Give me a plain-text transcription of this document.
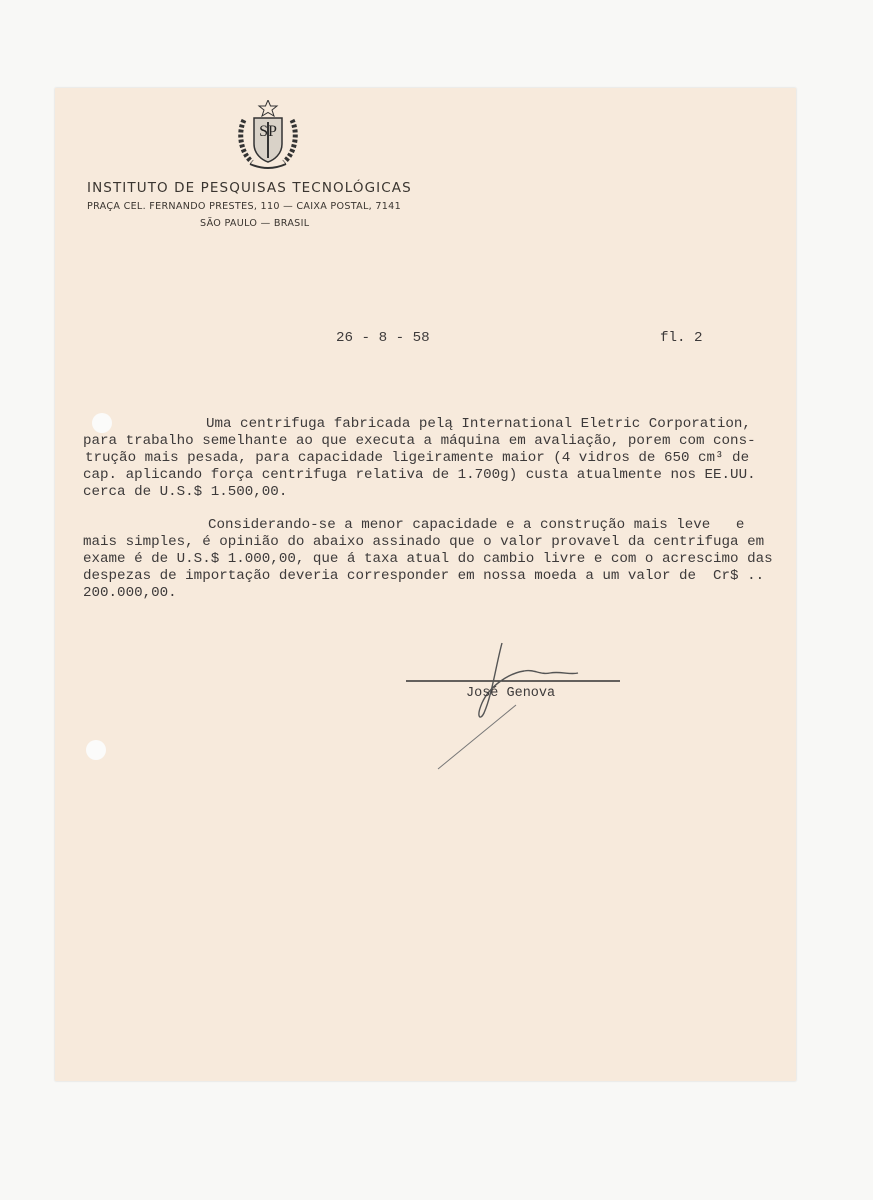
SP
INSTITUTO DE PESQUISAS TECNOLÓGICAS
PRAÇA CEL. FERNANDO PRESTES, 110 — CAIXA POSTAL, 7141
SÃO PAULO — BRASIL
26 - 8 - 58	fl. 2
Uma centrifuga fabricada pelą International Eletric Corporation,
para trabalho semelhante ao que executa a máquina em avaliação, porem com cons-
trução mais pesada, para capacidade ligeiramente maior (4 vidros de 650 cm³ de
cap. aplicando força centrifuga relativa de 1.700g) custa atualmente nos EE.UU.
cerca de U.S.$ 1.500,00.
Considerando-se a menor capacidade e a construção mais leve   e
mais simples, é opinião do abaixo assinado que o valor provavel da centrifuga em
exame é de U.S.$ 1.000,00, que á taxa atual do cambio livre e com o acrescimo das
despezas de importação deveria corresponder em nossa moeda a um valor de  Cr$ ..
200.000,00.
José Genova
